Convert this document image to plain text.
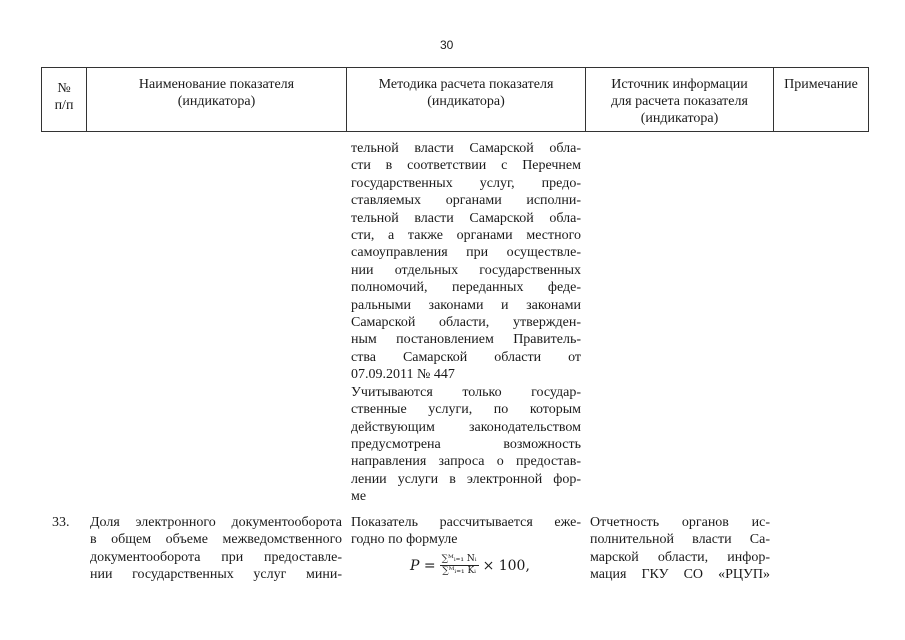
30
№
п/п
Наименование показателя
(индикатора)
Методика расчета показателя
(индикатора)
Источник информации
для расчета показателя
(индикатора)
Примечание
тельной власти Самарской обла-
сти в соответствии с Перечнем
государственных услуг, предо-
ставляемых органами исполни-
тельной власти Самарской обла-
сти, а также органами местного
самоуправления при осуществле-
нии отдельных государственных
полномочий, переданных феде-
ральными законами и законами
Самарской области, утвержден-
ным постановлением Правитель-
ства Самарской области от
07.09.2011 № 447
Учитываются только государ-
ственные услуги, по которым
действующим законодательством
предусмотрена возможность
направления запроса о предостав-
лении услуги в электронной фор-
ме
33. Доля электронного документооборота
в общем объеме межведомственного
документооборота при предоставле-
нии государственных услуг мини-
Показатель рассчитывается еже-
годно по формуле
$P = \frac{\text{∑ᴹᵢ₌₁ Nᵢ}}{\text{∑ᴹᵢ₌₁ Kᵢ}} \times 100$,
Отчетность органов ис-
полнительной власти Са-
марской области, инфор-
мация ГКУ СО «РЦУП»
